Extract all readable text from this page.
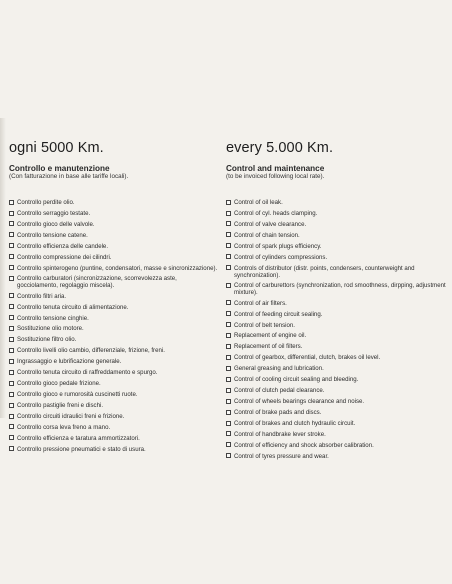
ogni 5000 Km.
Controllo e manutenzione
(Con fatturazione in base alle tariffe locali).
Controllo perdite olio.
Controllo serraggio testate.
Controllo gioco delle valvole.
Controllo tensione catene.
Controllo efficienza delle candele.
Controllo compressione dei cilindri.
Controllo spinterogeno (puntine, condensatori, masse e sincronizzazione).
Controllo carburatori (sincronizzazione, scorrevolezza aste, gocciolamento, regolaggio miscela).
Controllo filtri aria.
Controllo tenuta circuito di alimentazione.
Controllo tensione cinghie.
Sostituzione olio motore.
Sostituzione filtro olio.
Controllo livelli olio cambio, differenziale, frizione, freni.
Ingrassaggio e lubrificazione generale.
Controllo tenuta circuito di raffreddamento e spurgo.
Controllo gioco pedale frizione.
Controllo gioco e rumorosità cuscinetti ruote.
Controllo pastiglie freni e dischi.
Controllo circuiti idraulici freni e frizione.
Controllo corsa leva freno a mano.
Controllo efficienza e taratura ammortizzatori.
Controllo pressione pneumatici e stato di usura.
every 5.000 Km.
Control and maintenance
(to be invoiced following local rate).
Control of oil leak.
Control of cyl. heads clamping.
Control of valve clearance.
Control of chain tension.
Control of spark plugs efficiency.
Control of cylinders compressions.
Controls of distributor (distr. points, condensers, counterweight and synchronization).
Control of carburettors (synchronization, rod smoothness, dirpping, adjustment mixture).
Control of air filters.
Control of feeding circuit sealing.
Control of belt tension.
Replacement of engine oil.
Replacement of oil filters.
Control of gearbox, differential, clutch, brakes oil level.
General greasing and lubrication.
Control of cooling circuit sealing and bleeding.
Control of clutch pedal clearance.
Control of wheels bearings clearance and noise.
Control of brake pads and discs.
Control of brakes and clutch hydraulic circuit.
Control of handbrake lever stroke.
Control of efficiency and shock absorber calibration.
Control of tyres pressure and wear.
